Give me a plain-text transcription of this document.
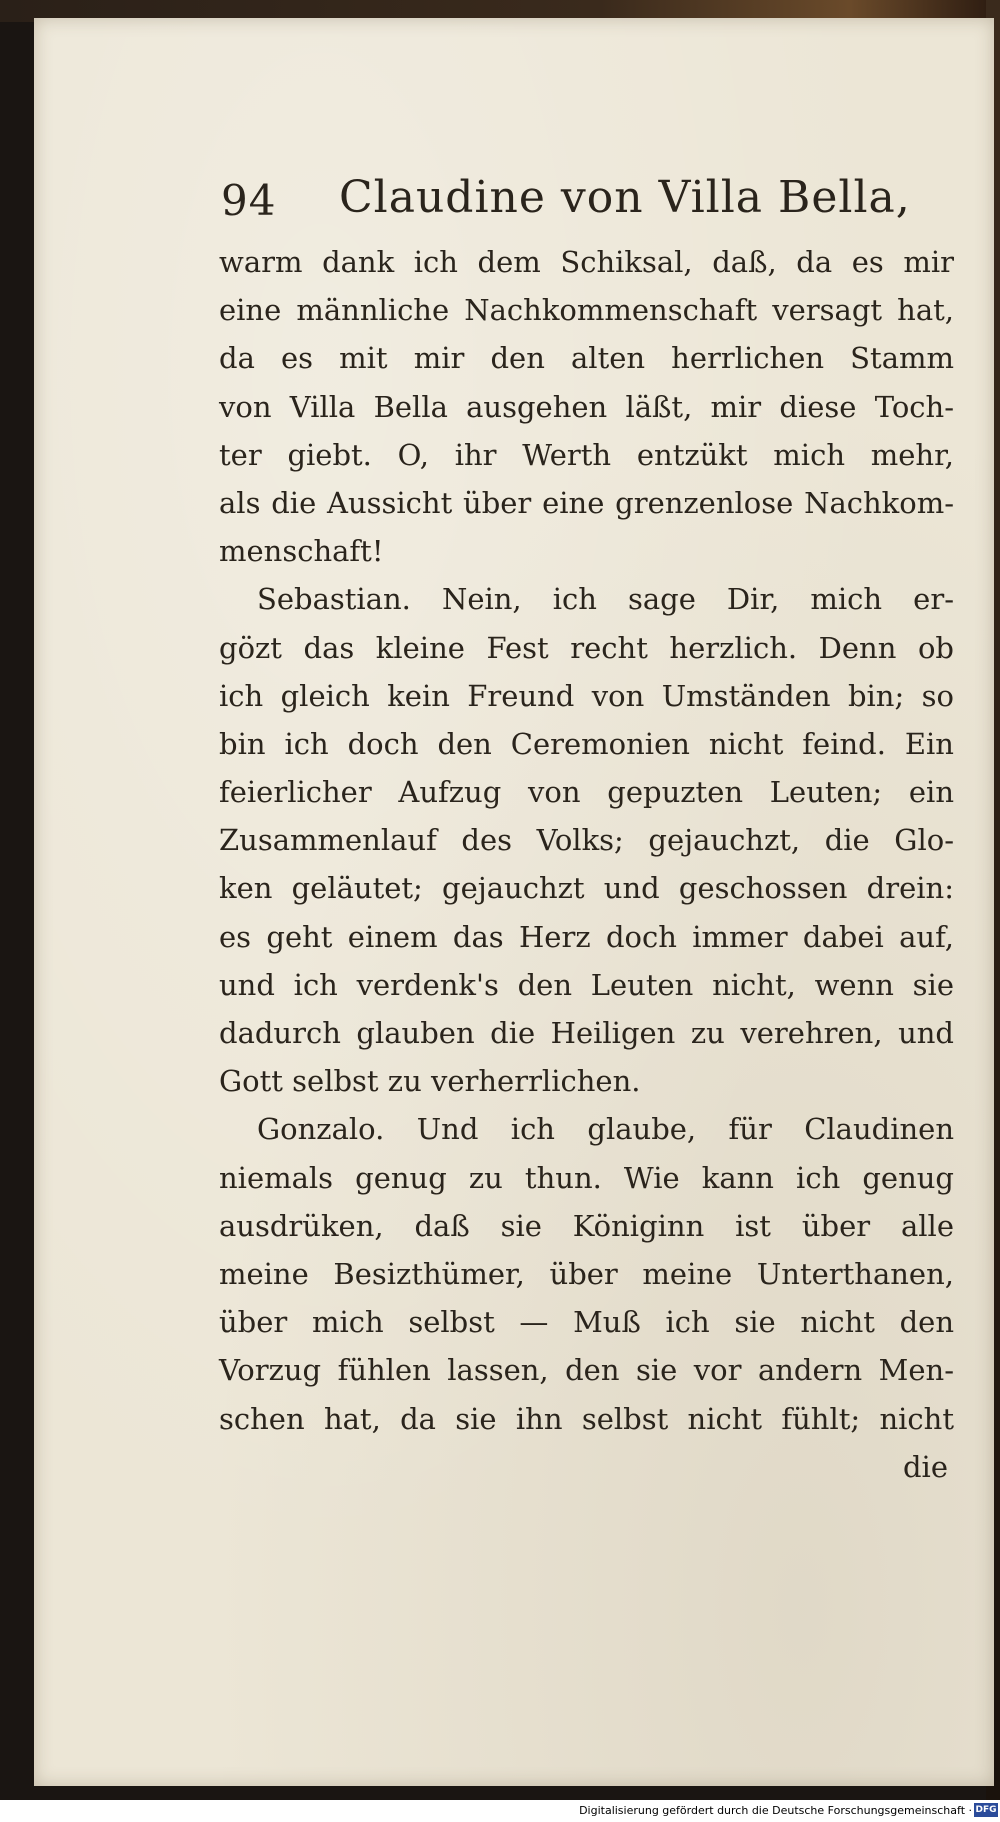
94 Claudine von Villa Bella,
warm dank ich dem Schiksal, daß, da es mir
eine männliche Nachkommenschaft versagt hat,
da es mit mir den alten herrlichen Stamm
von Villa Bella ausgehen läßt, mir diese Toch-
ter giebt. O, ihr Werth entzükt mich mehr,
als die Aussicht über eine grenzenlose Nachkom-
menschaft!
Sebastian. Nein, ich sage Dir, mich er-
gözt das kleine Fest recht herzlich. Denn ob
ich gleich kein Freund von Umständen bin; so
bin ich doch den Ceremonien nicht feind. Ein
feierlicher Aufzug von gepuzten Leuten; ein
Zusammenlauf des Volks; gejauchzt, die Glo-
ken geläutet; gejauchzt und geschossen drein:
es geht einem das Herz doch immer dabei auf,
und ich verdenk's den Leuten nicht, wenn sie
dadurch glauben die Heiligen zu verehren, und
Gott selbst zu verherrlichen.
Gonzalo. Und ich glaube, für Claudinen
niemals genug zu thun. Wie kann ich genug
ausdrüken, daß sie Königinn ist über alle
meine Besizthümer, über meine Unterthanen,
über mich selbst — Muß ich sie nicht den
Vorzug fühlen lassen, den sie vor andern Men-
schen hat, da sie ihn selbst nicht fühlt; nicht
die
Digitalisierung gefördert durch die Deutsche Forschungsgemeinschaft · DFG
